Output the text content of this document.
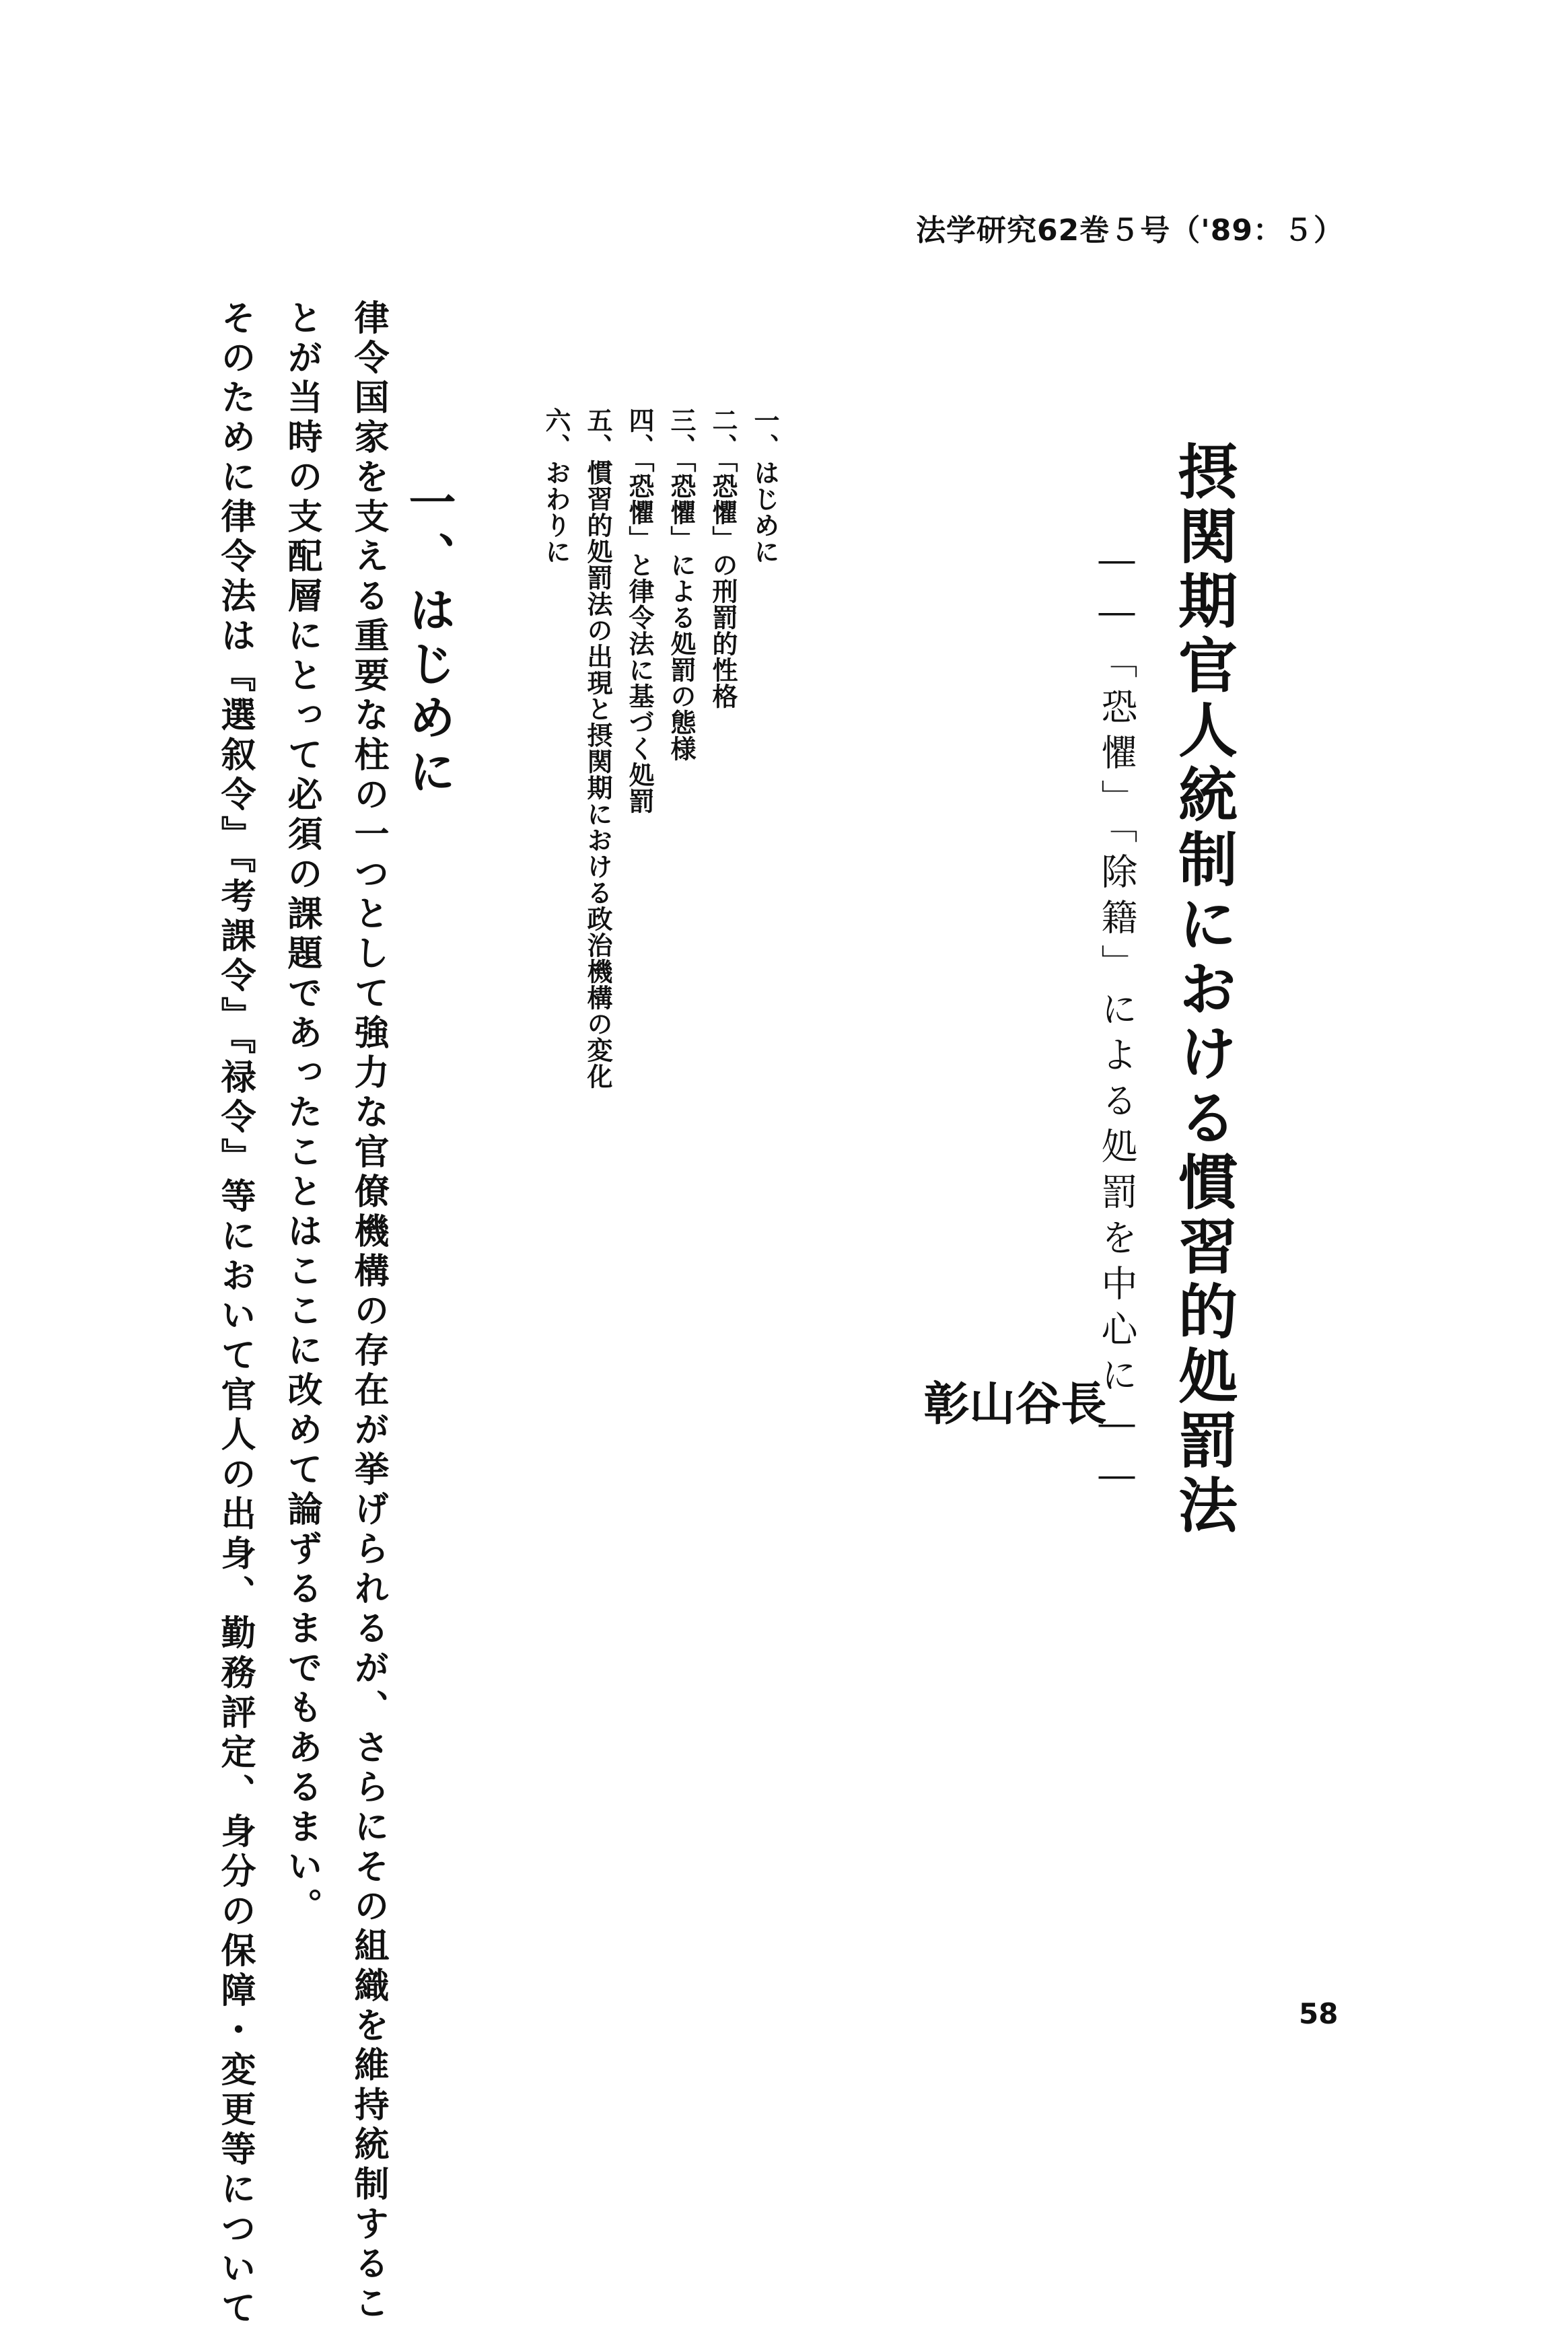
法学研究62巻５号（'89：５）
摂関期官人統制における慣習的処罰法
――「恐懼」「除籍」による処罰を中心に――
長
谷
山
彰
一、はじめに
二、「恐懼」の刑罰的性格
三、「恐懼」による処罰の態様
四、「恐懼」と律令法に基づく処罰
五、慣習的処罰法の出現と摂関期における政治機構の変化
六、おわりに
一、はじめに
律令国家を支える重要な柱の一つとして強力な官僚機構の存在が挙げられるが、さらにその組織を維持統制するこ
とが当時の支配層にとって必須の課題であったことはここに改めて論ずるまでもあるまい。
そのために律令法は『選叙令』『考課令』『禄令』等において官人の出身、勤務評定、身分の保障・変更等について	58
